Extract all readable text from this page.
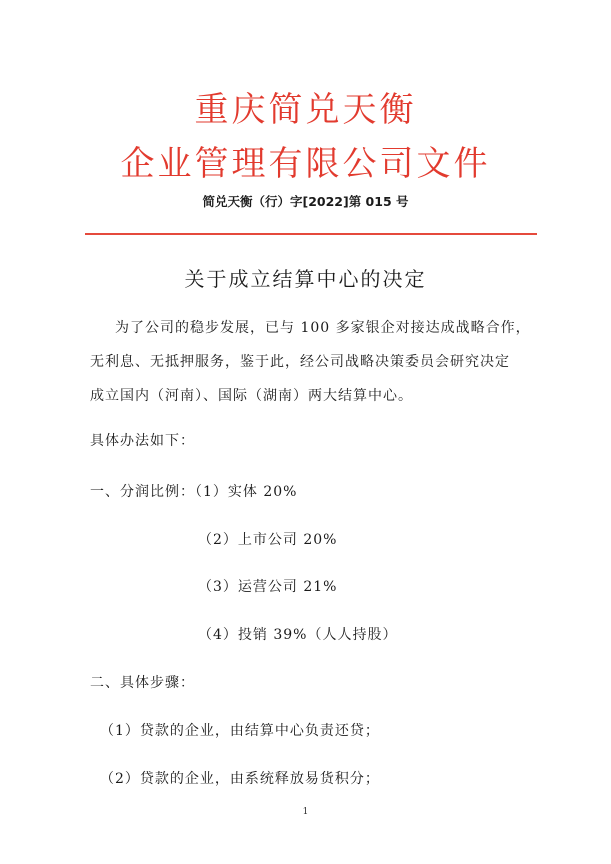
重庆简兑天衡
企业管理有限公司文件
简兑天衡（行）字[2022]第 015 号
关于成立结算中心的决定
为了公司的稳步发展，已与 100 多家银企对接达成战略合作，
无利息、无抵押服务，鉴于此，经公司战略决策委员会研究决定
成立国内（河南）、国际（湖南）两大结算中心。
具体办法如下：
一、分润比例：（1）实体 20%
（2）上市公司 20%
（3）运营公司 21%
（4）投销 39%（人人持股）
二、具体步骤：
（1）贷款的企业，由结算中心负责还贷；
（2）贷款的企业，由系统释放易货积分；
1
